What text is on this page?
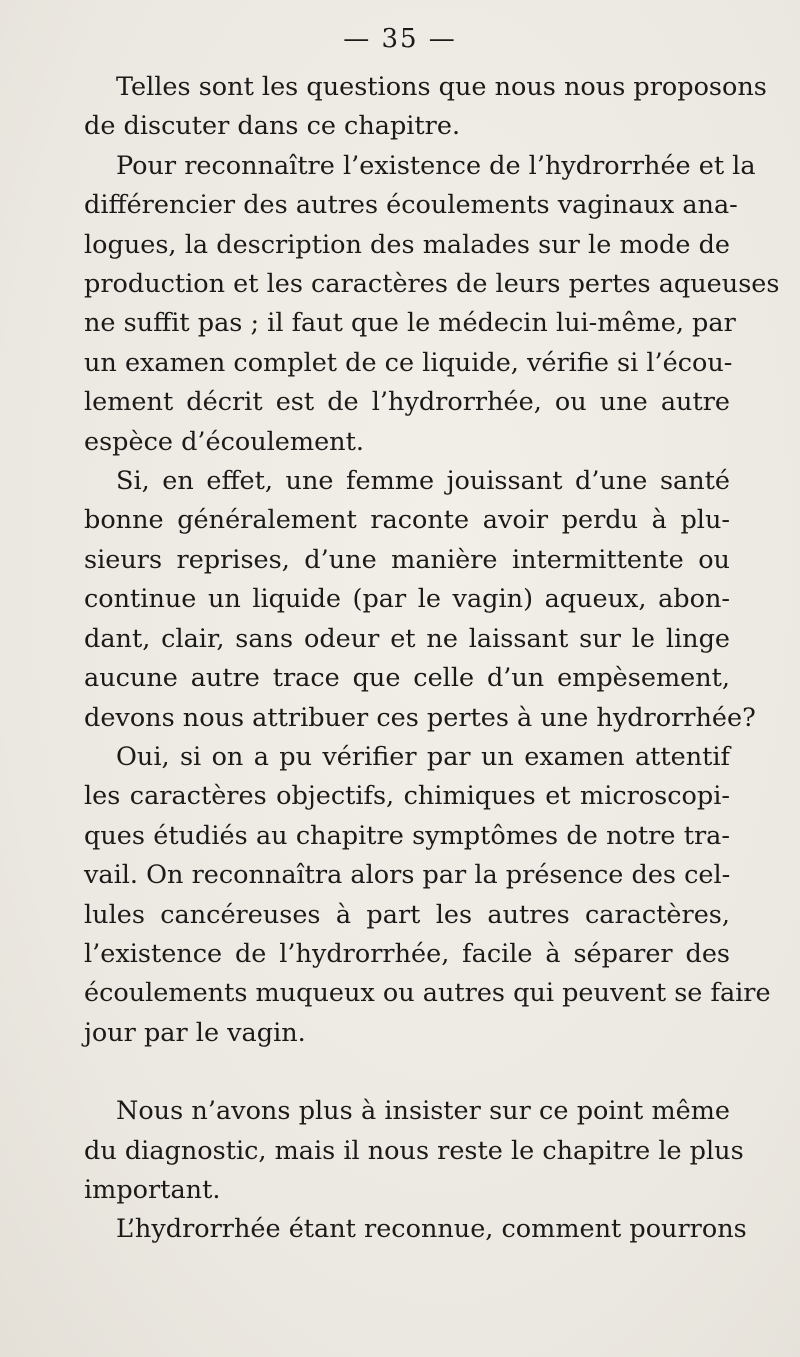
— 35 —
Telles sont les questions que nous nous proposons
de discuter dans ce chapitre.
Pour reconnaître l’existence de l’hydrorrhée et la
différencier des autres écoulements vaginaux ana-
logues, la description des malades sur le mode de
production et les caractères de leurs pertes aqueuses
ne suffit pas ; il faut que le médecin lui-même, par
un examen complet de ce liquide, vérifie si l’écou-
lement décrit est de l’hydrorrhée, ou une autre
espèce d’écoulement.
Si, en effet, une femme jouissant d’une santé
bonne généralement raconte avoir perdu à plu-
sieurs reprises, d’une manière intermittente ou
continue un liquide (par le vagin) aqueux, abon-
dant, clair, sans odeur et ne laissant sur le linge
aucune autre trace que celle d’un empèsement,
devons nous attribuer ces pertes à une hydrorrhée?
Oui, si on a pu vérifier par un examen attentif
les caractères objectifs, chimiques et microscopi-
ques étudiés au chapitre symptômes de notre tra-
vail. On reconnaîtra alors par la présence des cel-
lules cancéreuses à part les autres caractères,
l’existence de l’hydrorrhée, facile à séparer des
écoulements muqueux ou autres qui peuvent se faire
jour par le vagin.
Nous n’avons plus à insister sur ce point même
du diagnostic, mais il nous reste le chapitre le plus
important.
L’hydrorrhée étant reconnue, comment pourrons
